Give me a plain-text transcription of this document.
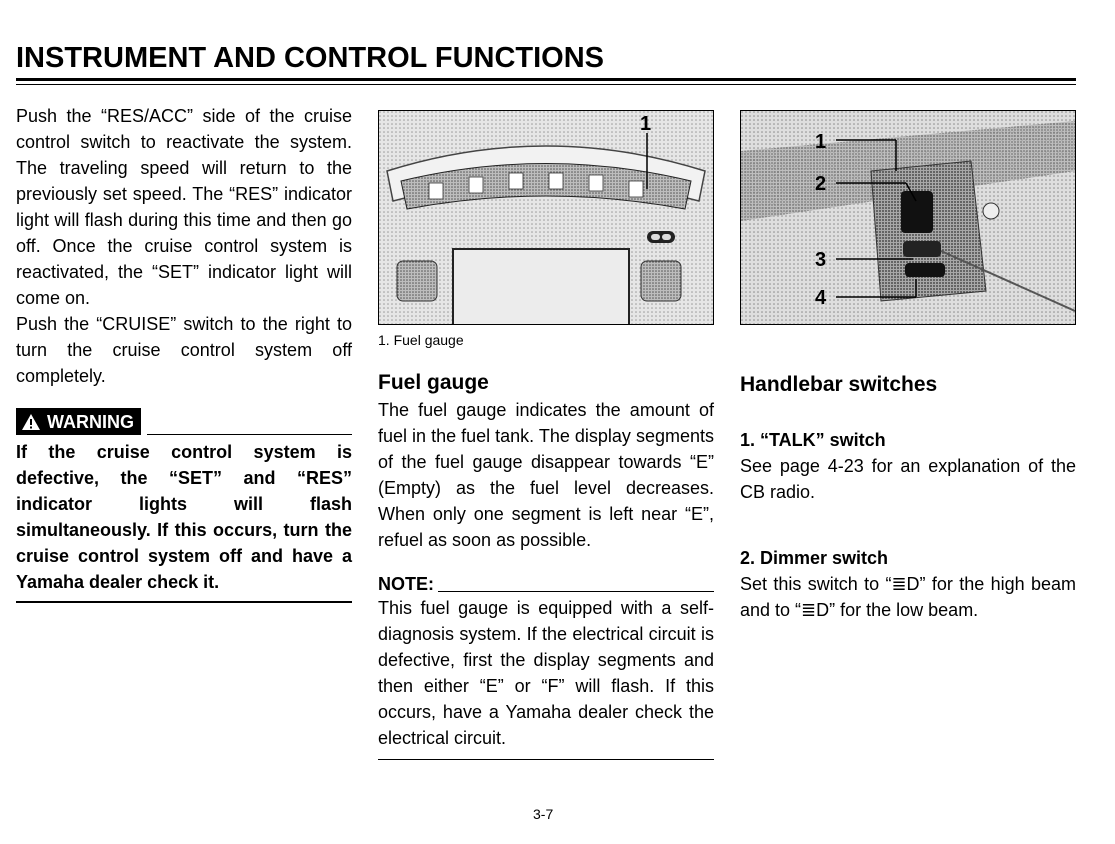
INSTRUMENT AND CONTROL FUNCTIONS

Push the “RES/ACC” side of the cruise control switch to reactivate the system. The traveling speed will return to the previously set speed. The “RES” indicator light will flash during this time and then go off. Once the cruise control system is reactivated, the “SET” indicator light will come on.

Push the “CRUISE” switch to the right to turn the cruise control system off completely.

WARNING
If the cruise control system is defective, the “SET” and “RES” indicator lights will flash simultaneously. If this occurs, turn the cruise control system off and have a Yamaha dealer check it.
1
1. Fuel gauge
Fuel gauge

The fuel gauge indicates the amount of fuel in the fuel tank. The display segments of the fuel gauge disappear towards “E” (Empty) as the fuel level decreases. When only one segment is left near “E”, refuel as soon as possible.

NOTE:

This fuel gauge is equipped with a self-diagnosis system. If the electrical circuit is defective, first the display segments and then either “E” or “F” will flash. If this occurs, have a Yamaha dealer check the electrical circuit.

1
2
3
4
Handlebar switches

1. “TALK” switch

See page 4-23 for an explanation of the CB radio.

2. Dimmer switch

Set this switch to “≣D” for the high beam and to “≣D” for the low beam.

3-7
